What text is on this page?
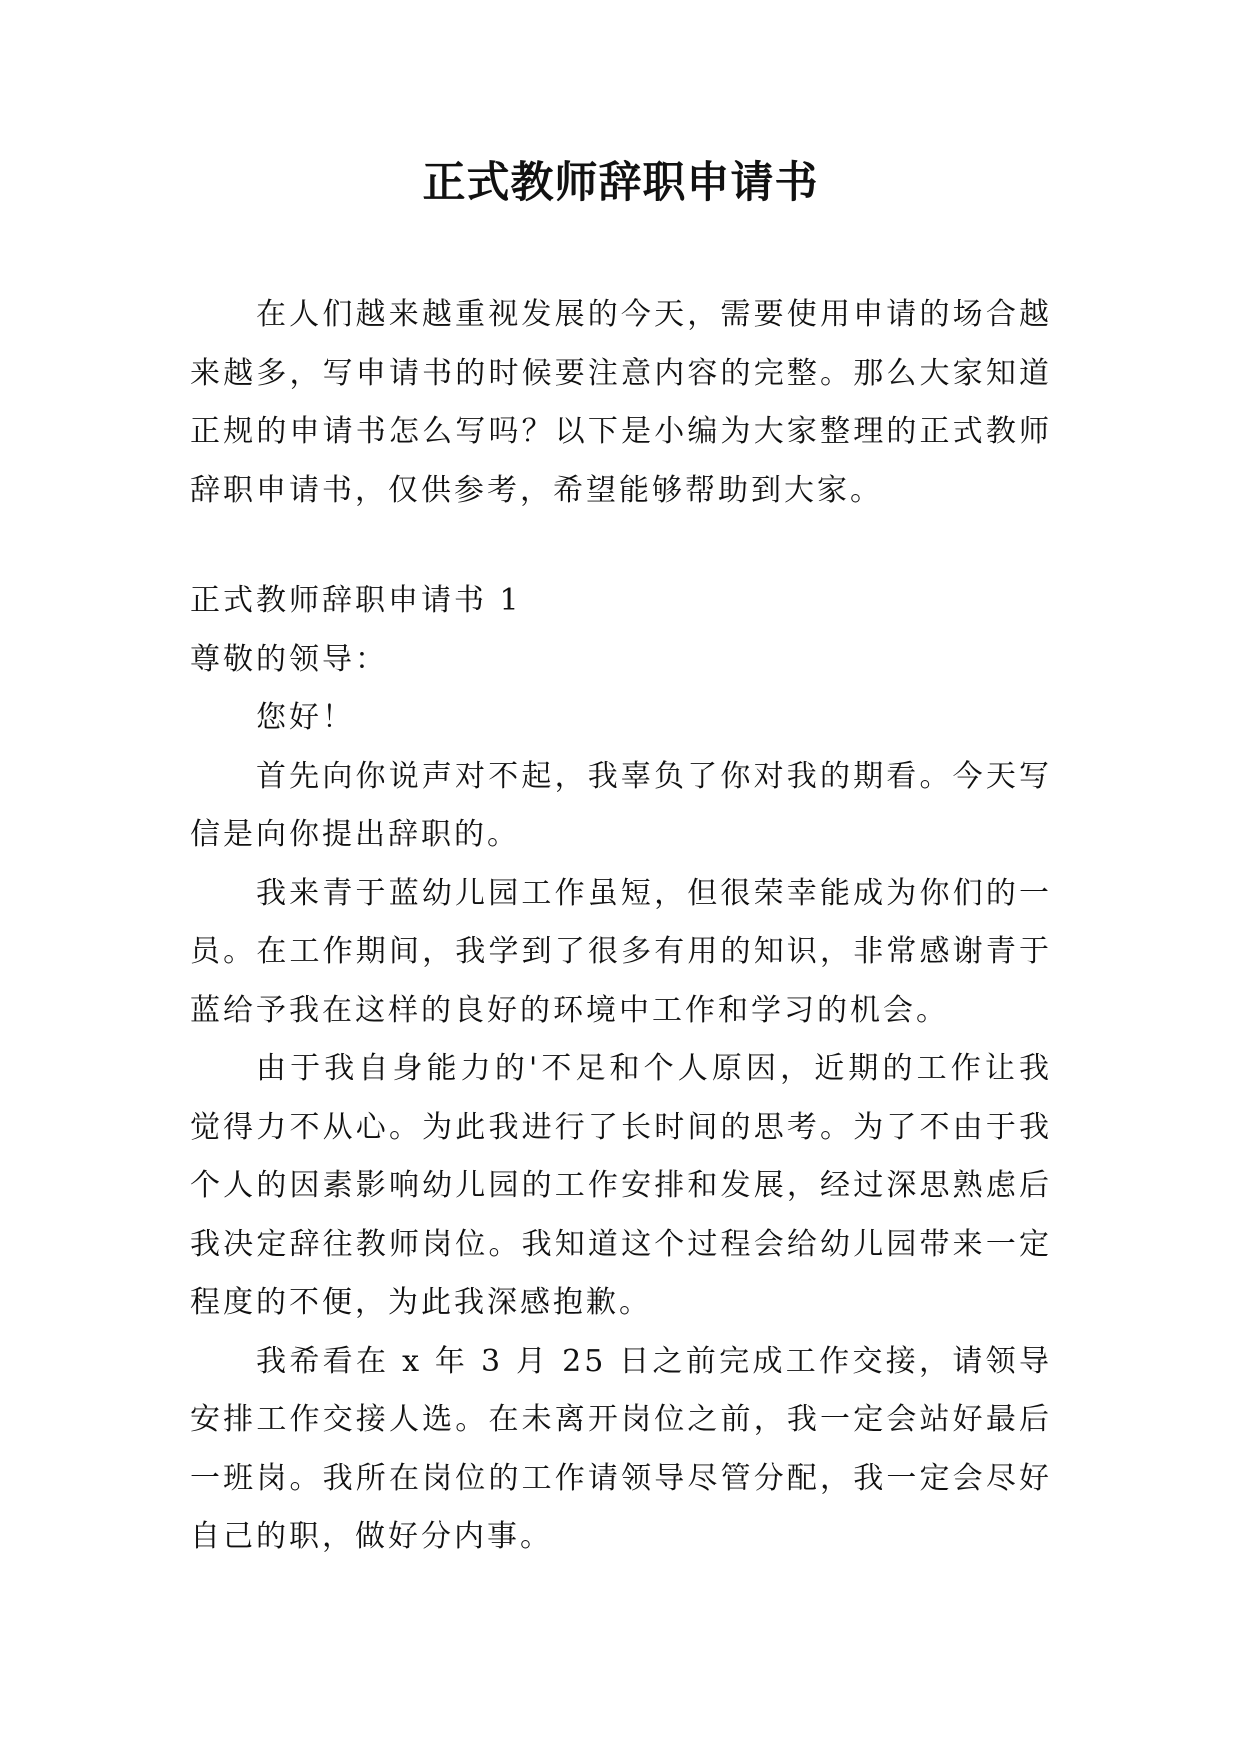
正式教师辞职申请书

在人们越来越重视发展的今天，需要使用申请的场合越来越多，写申请书的时候要注意内容的完整。那么大家知道正规的申请书怎么写吗？以下是小编为大家整理的正式教师辞职申请书，仅供参考，希望能够帮助到大家。

正式教师辞职申请书 1

尊敬的领导：

您好！

首先向你说声对不起，我辜负了你对我的期看。今天写信是向你提出辞职的。

我来青于蓝幼儿园工作虽短，但很荣幸能成为你们的一员。在工作期间，我学到了很多有用的知识，非常感谢青于蓝给予我在这样的良好的环境中工作和学习的机会。

由于我自身能力的'不足和个人原因，近期的工作让我觉得力不从心。为此我进行了长时间的思考。为了不由于我个人的因素影响幼儿园的工作安排和发展，经过深思熟虑后我决定辞往教师岗位。我知道这个过程会给幼儿园带来一定程度的不便，为此我深感抱歉。

我希看在 x 年 3 月 25 日之前完成工作交接，请领导安排工作交接人选。在未离开岗位之前，我一定会站好最后一班岗。我所在岗位的工作请领导尽管分配，我一定会尽好自己的职，做好分内事。
